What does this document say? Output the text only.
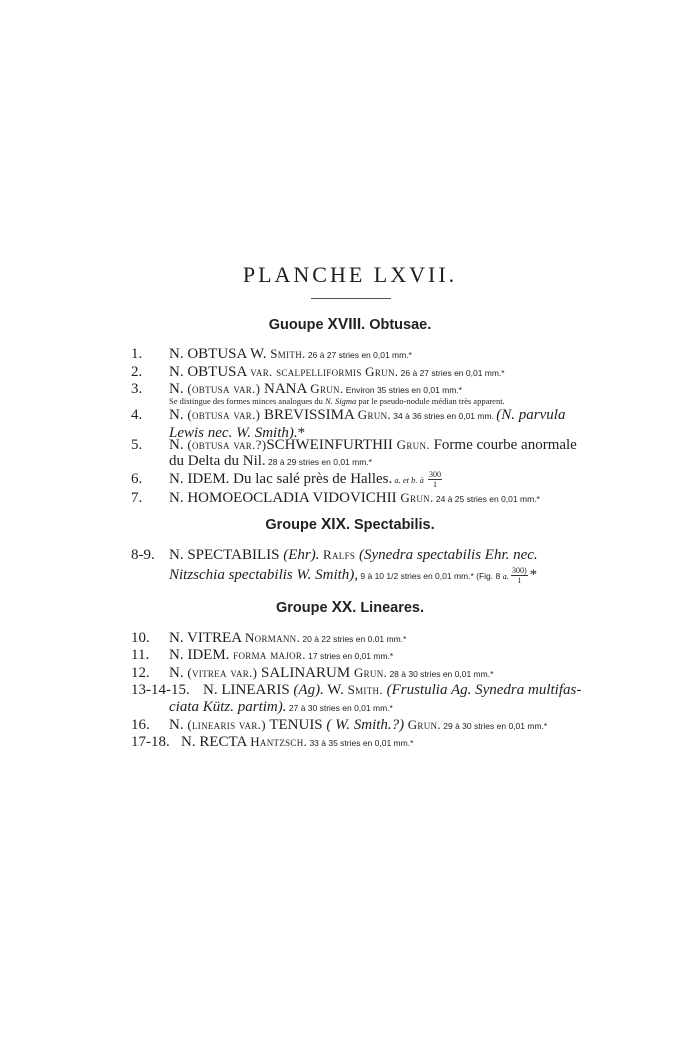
PLANCHE LXVII.
Guoupe XVIII. Obtusae.
1. N. OBTUSA W. Smith. 26 à 27 stries en 0,01 mm.*
2. N. OBTUSA var. scalpelliformis Grun. 26 à 27 stries en 0,01 mm.*
3. N. (obtusa var.) NANA Grun. Environ 35 stries en 0,01 mm.*
Se distingue des formes minces analogues du N. Sigma par le pseudo-nodule médian très apparent.
4. N. (obtusa var.) BREVISSIMA Grun. 34 à 36 stries en 0,01 mm. (N. parvula
Lewis nec. W. Smith).*
5. N. (obtusa var.?)SCHWEINFURTHII Grun. Forme courbe anormale
du Delta du Nil. 28 à 29 stries en 0,01 mm.*
6. N. IDEM. Du lac salé près de Halles. a. et b. à $\frac{300}{1}$
7. N. HOMOEOCLADIA VIDOVICHII Grun. 24 à 25 stries en 0,01 mm.*
Groupe XIX. Spectabilis.
8-9. N. SPECTABILIS (Ehr). Ralfs (Synedra spectabilis Ehr. nec.
Nitzschia spectabilis W. Smith), 9 à 10 1/2 stries en 0,01 mm.* (Fig. 8 a. $\frac{300)}{1}$ *
Groupe XX. Lineares.
10. N. VITREA Normann. 20 à 22 stries en 0.01 mm.*
11. N. IDEM. forma major. 17 stries en 0,01 mm.*
12. N. (vitrea var.) SALINARUM Grun. 28 à 30 stries en 0,01 mm.*
13-14-15. N. LINEARIS (Ag). W. Smith. (Frustulia Ag. Synedra multifas-
ciata Kütz. partim). 27 à 30 stries en 0,01 mm.*
16. N. (linearis var.) TENUIS ( W. Smith.?) Grun. 29 à 30 stries en 0,01 mm.*
17-18. N. RECTA Hantzsch. 33 à 35 stries en 0,01 mm.*
